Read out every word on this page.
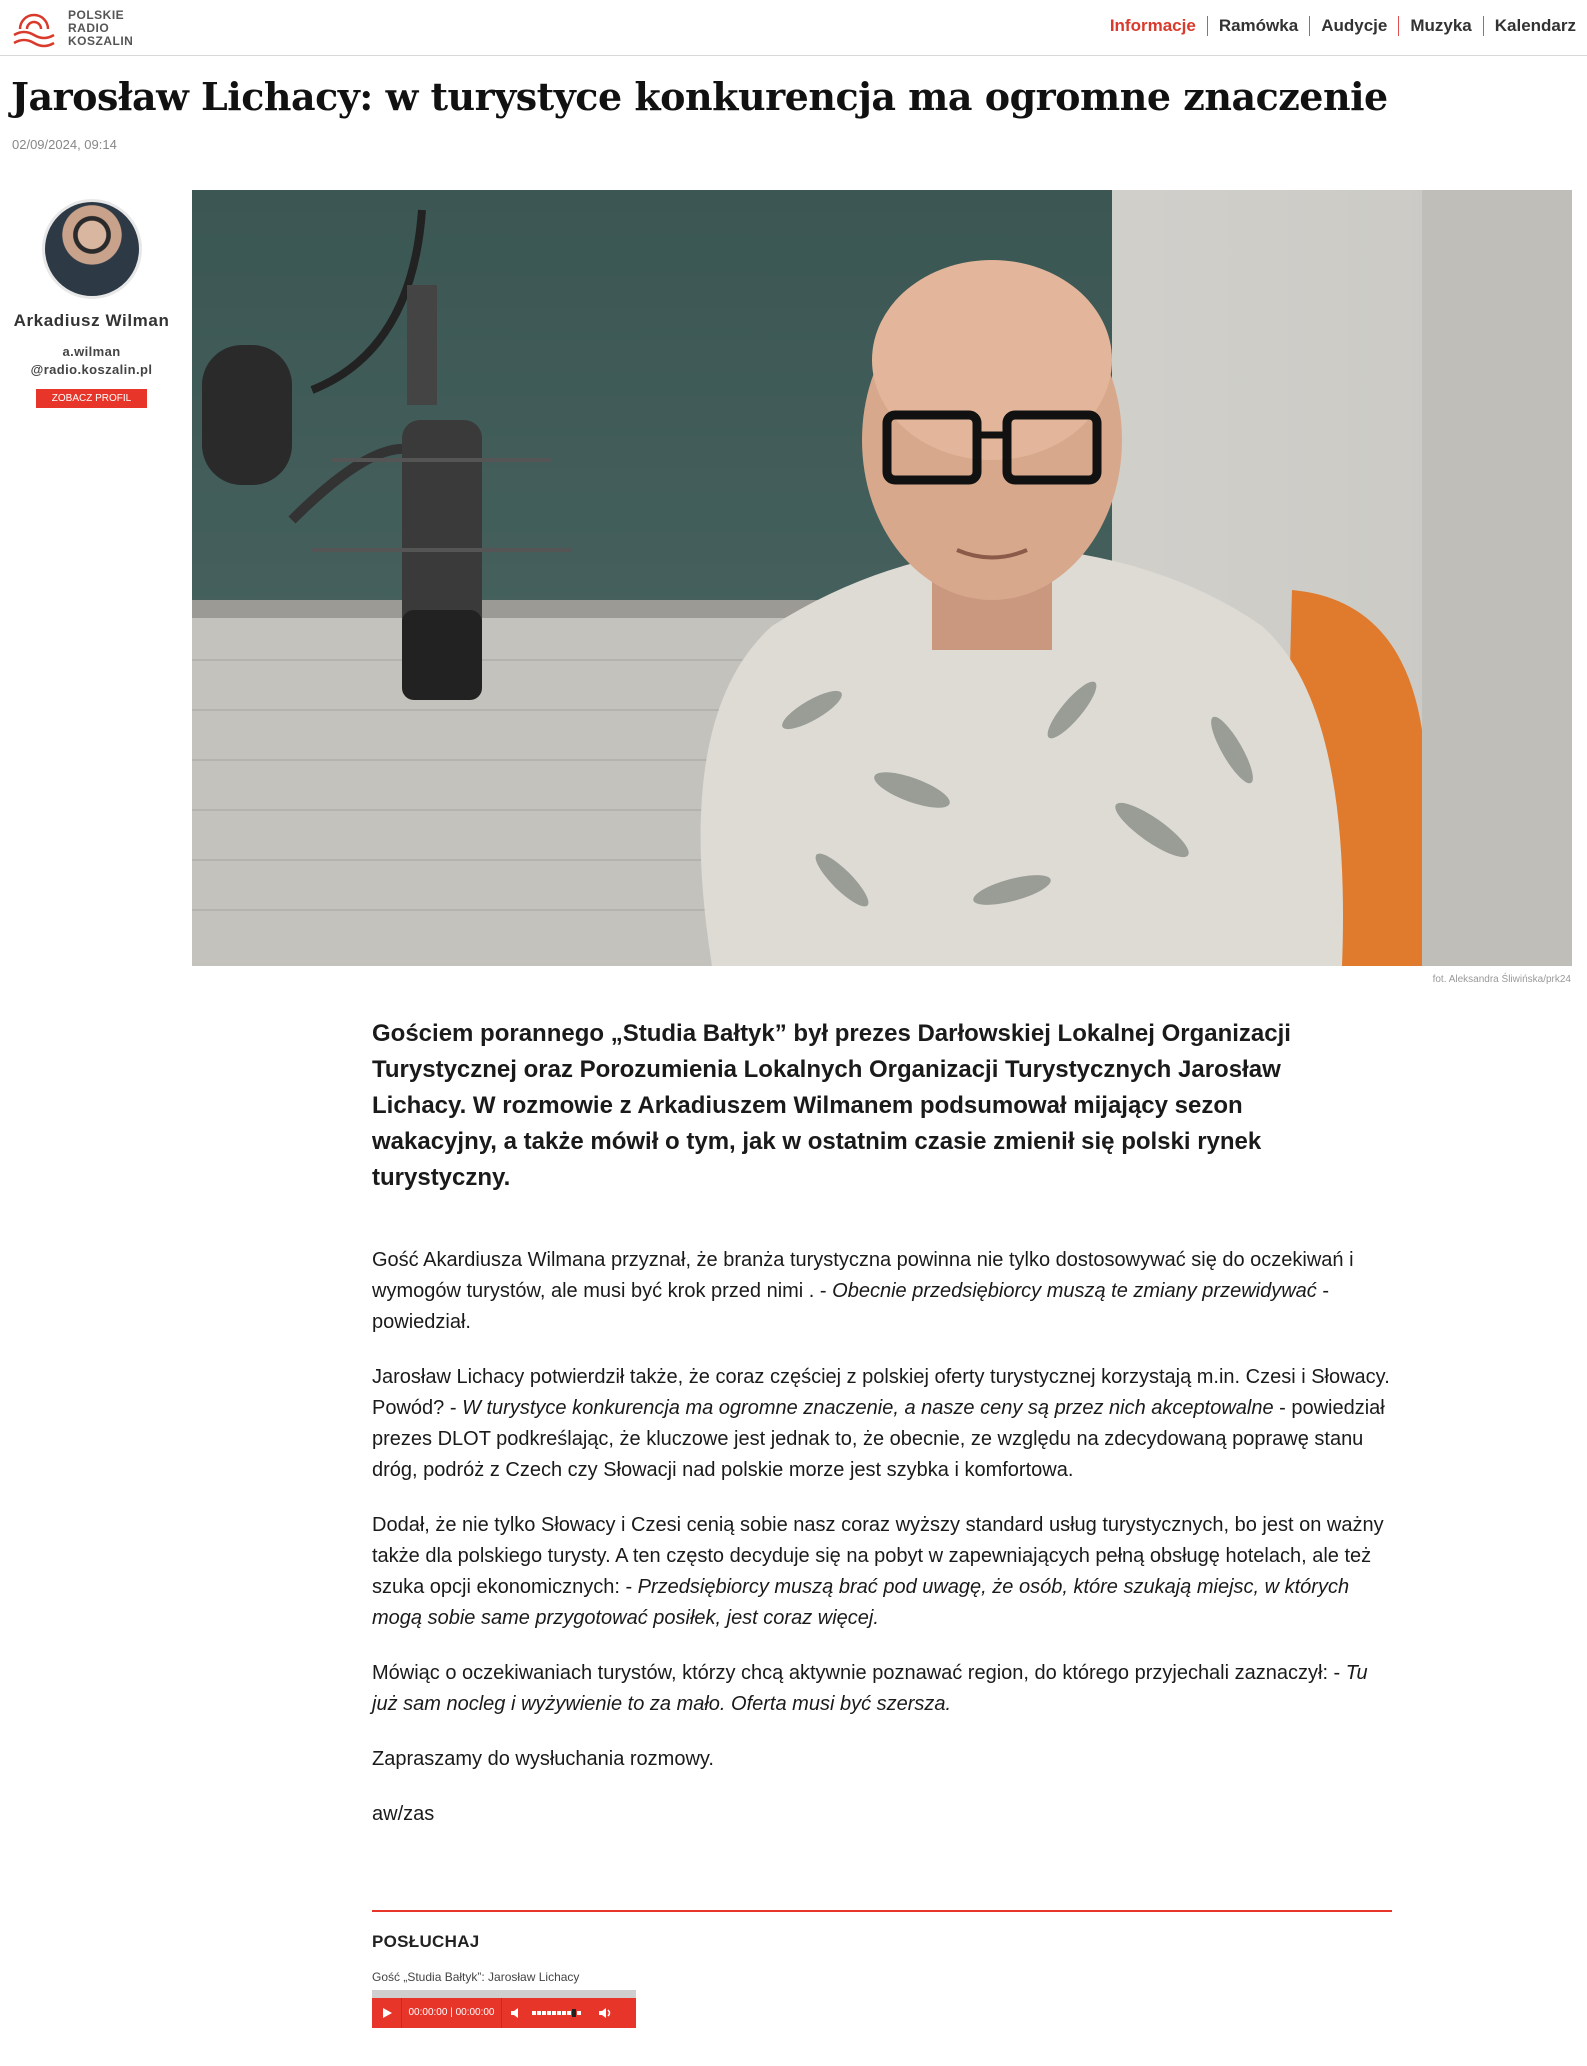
POLSKIE
RADIO
KOSZALIN
Informacje	Ramówka	Audycje	Muzyka	Kalendarz
Jarosław Lichacy: w turystyce konkurencja ma ogromne znaczenie
02/09/2024, 09:14
Arkadiusz Wilman
a.wilman
@radio.koszalin.pl
ZOBACZ PROFIL
fot. Aleksandra Śliwińska/prk24

Gościem porannego „Studia Bałtyk” był prezes Darłowskiej Lokalnej Organizacji Turystycznej oraz Porozumienia Lokalnych Organizacji Turystycznych Jarosław Lichacy. W rozmowie z Arkadiuszem Wilmanem podsumował mijający sezon wakacyjny, a także mówił o tym, jak w ostatnim czasie zmienił się polski rynek turystyczny.

Gość Akardiusza Wilmana przyznał, że branża turystyczna powinna nie tylko dostosowywać się do oczekiwań i wymogów turystów, ale musi być krok przed nimi . - Obecnie przedsiębiorcy muszą te zmiany przewidywać - powiedział.

Jarosław Lichacy potwierdził także, że coraz częściej z polskiej oferty turystycznej korzystają m.in. Czesi i Słowacy. Powód? - W turystyce konkurencja ma ogromne znaczenie, a nasze ceny są przez nich akceptowalne - powiedział prezes DLOT podkreślając, że kluczowe jest jednak to, że obecnie, ze względu na zdecydowaną poprawę stanu dróg, podróż z Czech czy Słowacji nad polskie morze jest szybka i komfortowa.

Dodał, że nie tylko Słowacy i Czesi cenią sobie nasz coraz wyższy standard usług turystycznych, bo jest on ważny także dla polskiego turysty. A ten często decyduje się na pobyt w zapewniających pełną obsługę hotelach, ale też szuka opcji ekonomicznych: - Przedsiębiorcy muszą brać pod uwagę, że osób, które szukają miejsc, w których mogą sobie same przygotować posiłek, jest coraz więcej.

Mówiąc o oczekiwaniach turystów, którzy chcą aktywnie poznawać region, do którego przyjechali zaznaczył: - Tu już sam nocleg i wyżywienie to za mało. Oferta musi być szersza.

Zapraszamy do wysłuchania rozmowy.

aw/zas

POSŁUCHAJ
Gość „Studia Bałtyk”: Jarosław Lichacy
00:00:00 | 00:00:00
